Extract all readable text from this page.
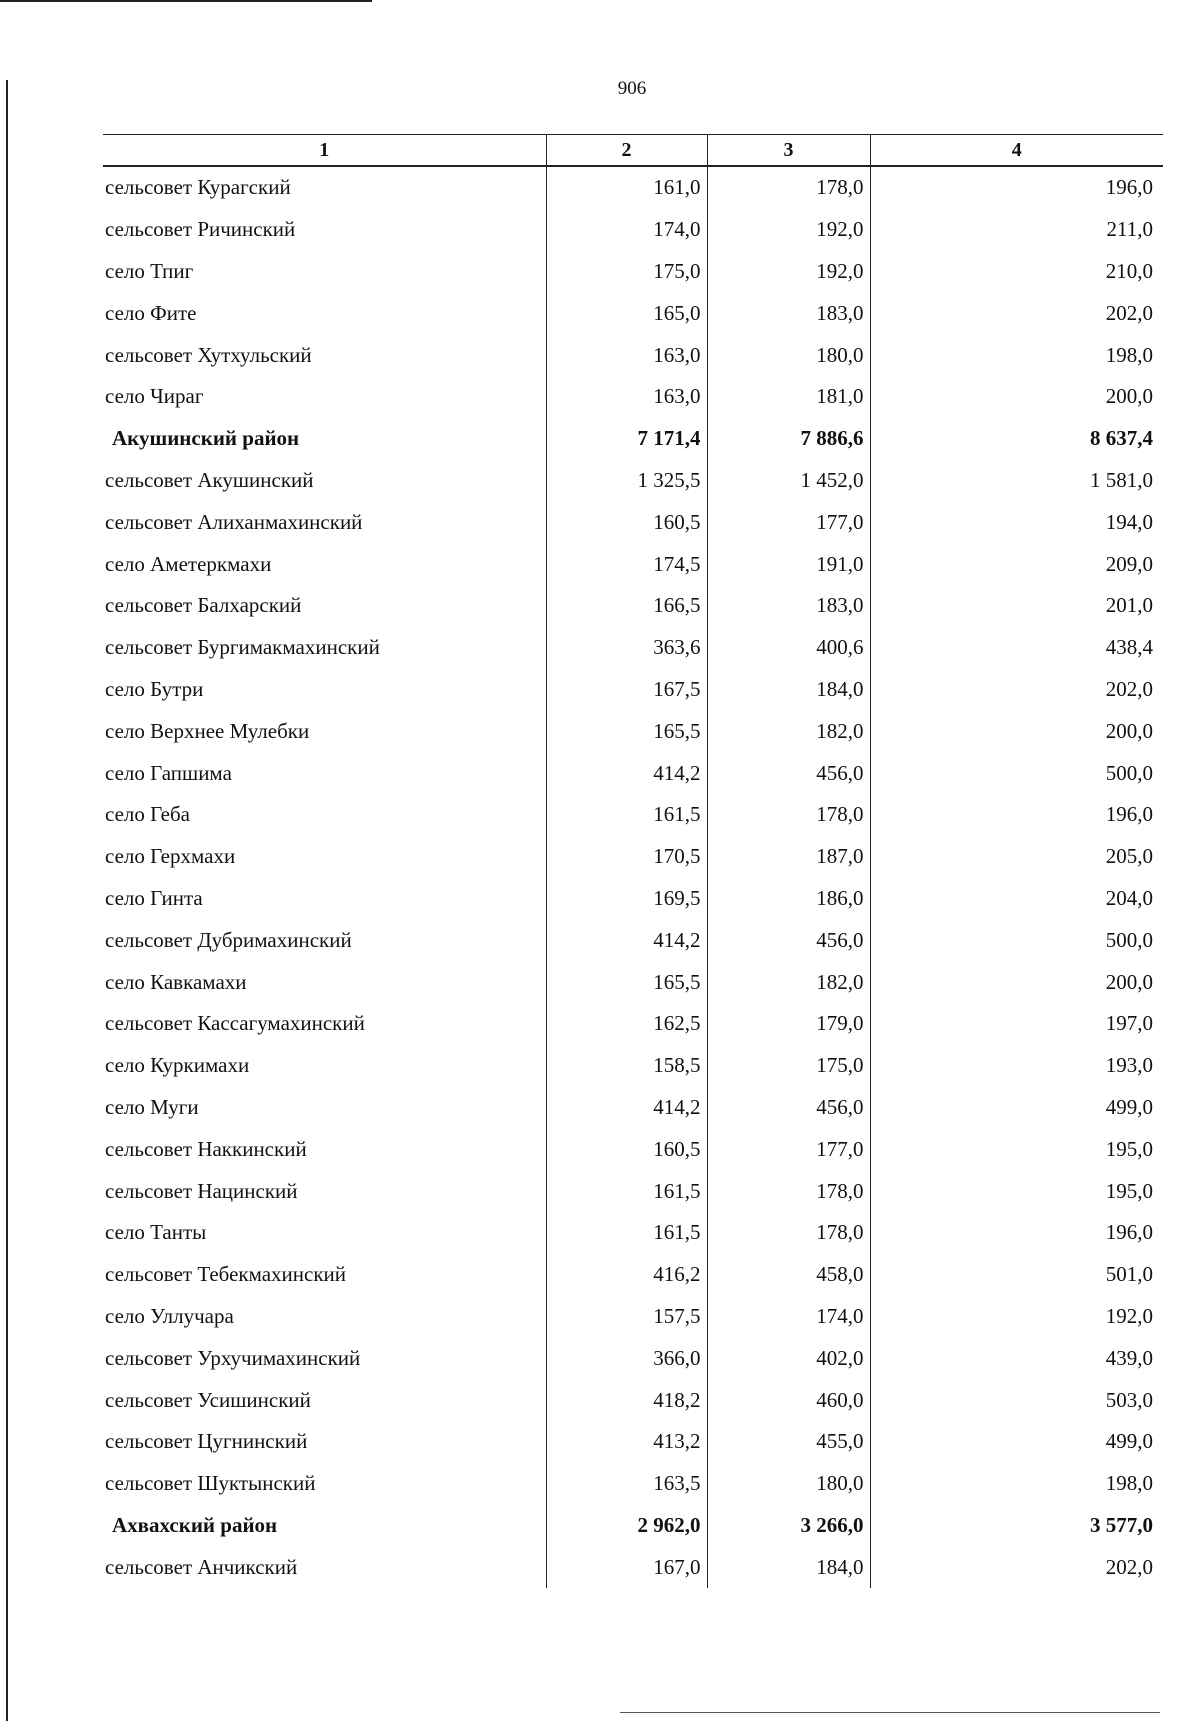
906
1	2	3	4
сельсовет Курагский	161,0	178,0	196,0
сельсовет Ричинский	174,0	192,0	211,0
село Тпиг	175,0	192,0	210,0
село Фите	165,0	183,0	202,0
сельсовет Хутхульский	163,0	180,0	198,0
село Чираг	163,0	181,0	200,0
Акушинский район	7 171,4	7 886,6	8 637,4
сельсовет Акушинский	1 325,5	1 452,0	1 581,0
сельсовет Алиханмахинский	160,5	177,0	194,0
село Аметеркмахи	174,5	191,0	209,0
сельсовет Балхарский	166,5	183,0	201,0
сельсовет Бургимакмахинский	363,6	400,6	438,4
село Бутри	167,5	184,0	202,0
село Верхнее Мулебки	165,5	182,0	200,0
село Гапшима	414,2	456,0	500,0
село Геба	161,5	178,0	196,0
село Герхмахи	170,5	187,0	205,0
село Гинта	169,5	186,0	204,0
сельсовет Дубримахинский	414,2	456,0	500,0
село Кавкамахи	165,5	182,0	200,0
сельсовет Кассагумахинский	162,5	179,0	197,0
село Куркимахи	158,5	175,0	193,0
село Муги	414,2	456,0	499,0
сельсовет Наккинский	160,5	177,0	195,0
сельсовет Нацинский	161,5	178,0	195,0
село Танты	161,5	178,0	196,0
сельсовет Тебекмахинский	416,2	458,0	501,0
село Уллучара	157,5	174,0	192,0
сельсовет Урхучимахинский	366,0	402,0	439,0
сельсовет Усишинский	418,2	460,0	503,0
сельсовет Цугнинский	413,2	455,0	499,0
сельсовет Шуктынский	163,5	180,0	198,0
Ахвахский район	2 962,0	3 266,0	3 577,0
сельсовет Анчикский	167,0	184,0	202,0
